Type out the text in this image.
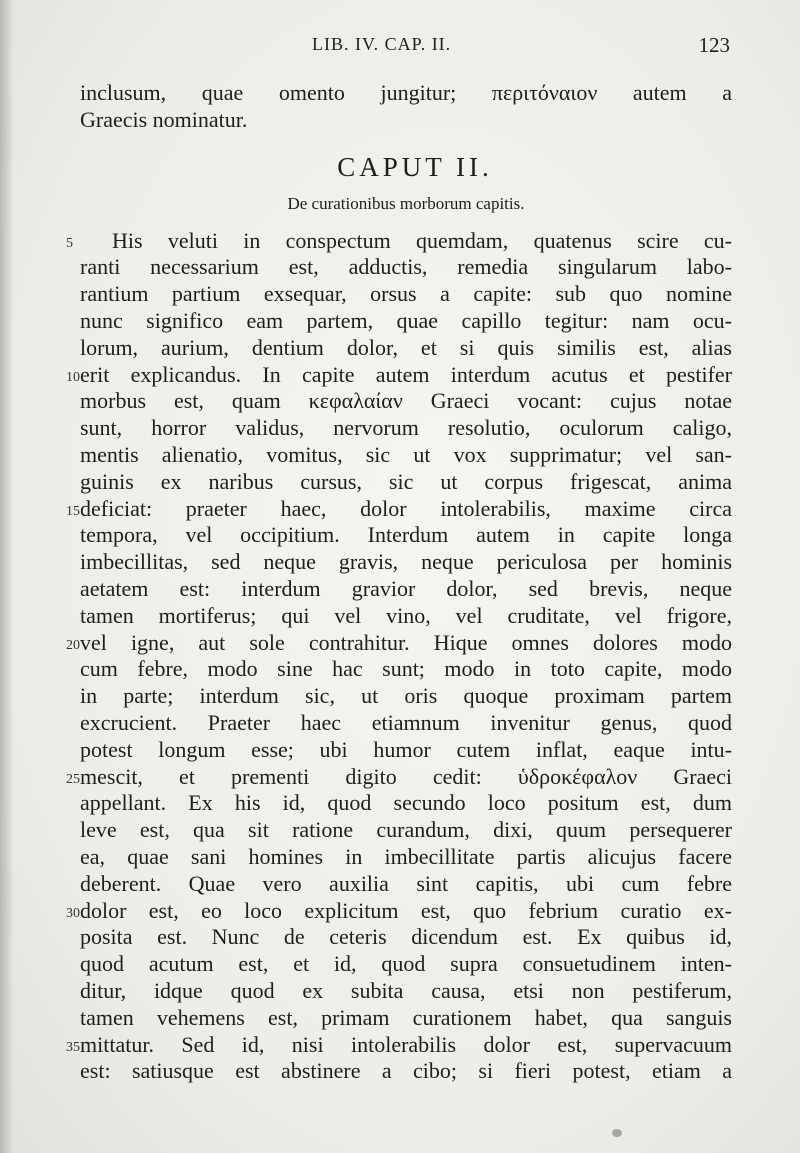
LIB. IV. CAP. II.	123
inclusum, quae omento jungitur; περιτόναιον autem a
Graecis nominatur.
CAPUT II.
De curationibus morborum capitis.
5	His veluti in conspectum quemdam, quatenus scire cu-
ranti necessarium est, adductis, remedia singularum labo-
rantium partium exsequar, orsus a capite: sub quo nomine
nunc significo eam partem, quae capillo tegitur: nam ocu-
lorum, aurium, dentium dolor, et si quis similis est, alias
10 erit explicandus. In capite autem interdum acutus et pestifer
morbus est, quam κεφαλαίαν Graeci vocant: cujus notae
sunt, horror validus, nervorum resolutio, oculorum caligo,
mentis alienatio, vomitus, sic ut vox supprimatur; vel san-
guinis ex naribus cursus, sic ut corpus frigescat, anima
15 deficiat: praeter haec, dolor intolerabilis, maxime circa
tempora, vel occipitium. Interdum autem in capite longa
imbecillitas, sed neque gravis, neque periculosa per hominis
aetatem est: interdum gravior dolor, sed brevis, neque
tamen mortiferus; qui vel vino, vel cruditate, vel frigore,
20 vel igne, aut sole contrahitur. Hique omnes dolores modo
cum febre, modo sine hac sunt; modo in toto capite, modo
in parte; interdum sic, ut oris quoque proximam partem
excrucient. Praeter haec etiamnum invenitur genus, quod
potest longum esse; ubi humor cutem inflat, eaque intu-
25 mescit, et prementi digito cedit: ὑδροκέφαλον Graeci
appellant. Ex his id, quod secundo loco positum est, dum
leve est, qua sit ratione curandum, dixi, quum persequerer
ea, quae sani homines in imbecillitate partis alicujus facere
deberent. Quae vero auxilia sint capitis, ubi cum febre
30 dolor est, eo loco explicitum est, quo febrium curatio ex-
posita est. Nunc de ceteris dicendum est. Ex quibus id,
quod acutum est, et id, quod supra consuetudinem inten-
ditur, idque quod ex subita causa, etsi non pestiferum,
tamen vehemens est, primam curationem habet, qua sanguis
35 mittatur. Sed id, nisi intolerabilis dolor est, supervacuum
est: satiusque est abstinere a cibo; si fieri potest, etiam a
